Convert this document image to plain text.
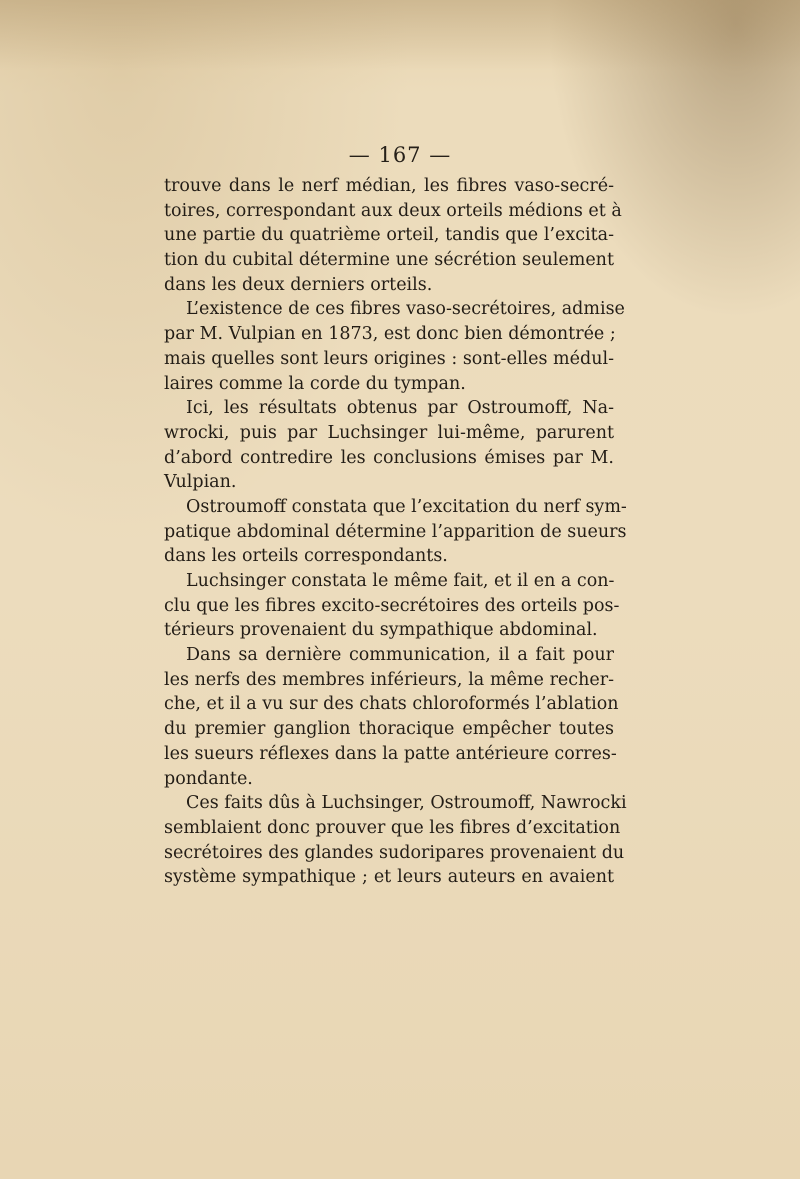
— 167 —
trouve dans le nerf médian, les fibres vaso-secré-
toires, correspondant aux deux orteils médions et à
une partie du quatrième orteil, tandis que l’excita-
tion du cubital détermine une sécrétion seulement
dans les deux derniers orteils.
L’existence de ces fibres vaso-secrétoires, admise
par M. Vulpian en 1873, est donc bien démontrée ;
mais quelles sont leurs origines : sont-elles médul-
laires comme la corde du tympan.
Ici, les résultats obtenus par Ostroumoff, Na-
wrocki, puis par Luchsinger lui-même, parurent
d’abord contredire les conclusions émises par M.
Vulpian.
Ostroumoff constata que l’excitation du nerf sym-
patique abdominal détermine l’apparition de sueurs
dans les orteils correspondants.
Luchsinger constata le même fait, et il en a con-
clu que les fibres excito-secrétoires des orteils pos-
térieurs provenaient du sympathique abdominal.
Dans sa dernière communication, il a fait pour
les nerfs des membres inférieurs, la même recher-
che, et il a vu sur des chats chloroformés l’ablation
du premier ganglion thoracique empêcher toutes
les sueurs réflexes dans la patte antérieure corres-
pondante.
Ces faits dûs à Luchsinger, Ostroumoff, Nawrocki
semblaient donc prouver que les fibres d’excitation
secrétoires des glandes sudoripares provenaient du
système sympathique ; et leurs auteurs en avaient
